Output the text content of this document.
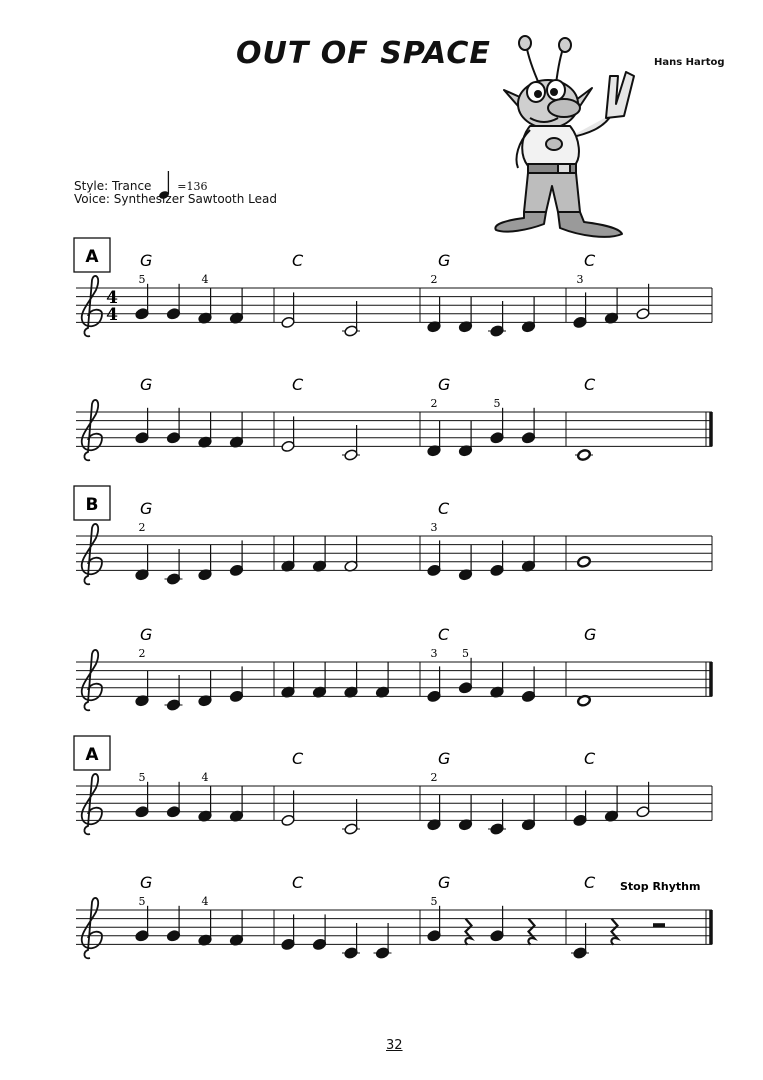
OUT OF SPACE	Hans Hartog
Style: Trance =136
Voice: Synthesizer Sawtooth Lead
4
4
A	G
5	4
C	G
2
C
3
G	C	G
2	5
C
B	G
2
C
3
G
2
C
3 5
G
A
5	4
C	G
2
C
Stop Rhythm
G
5	4
C	G
5
C
32
